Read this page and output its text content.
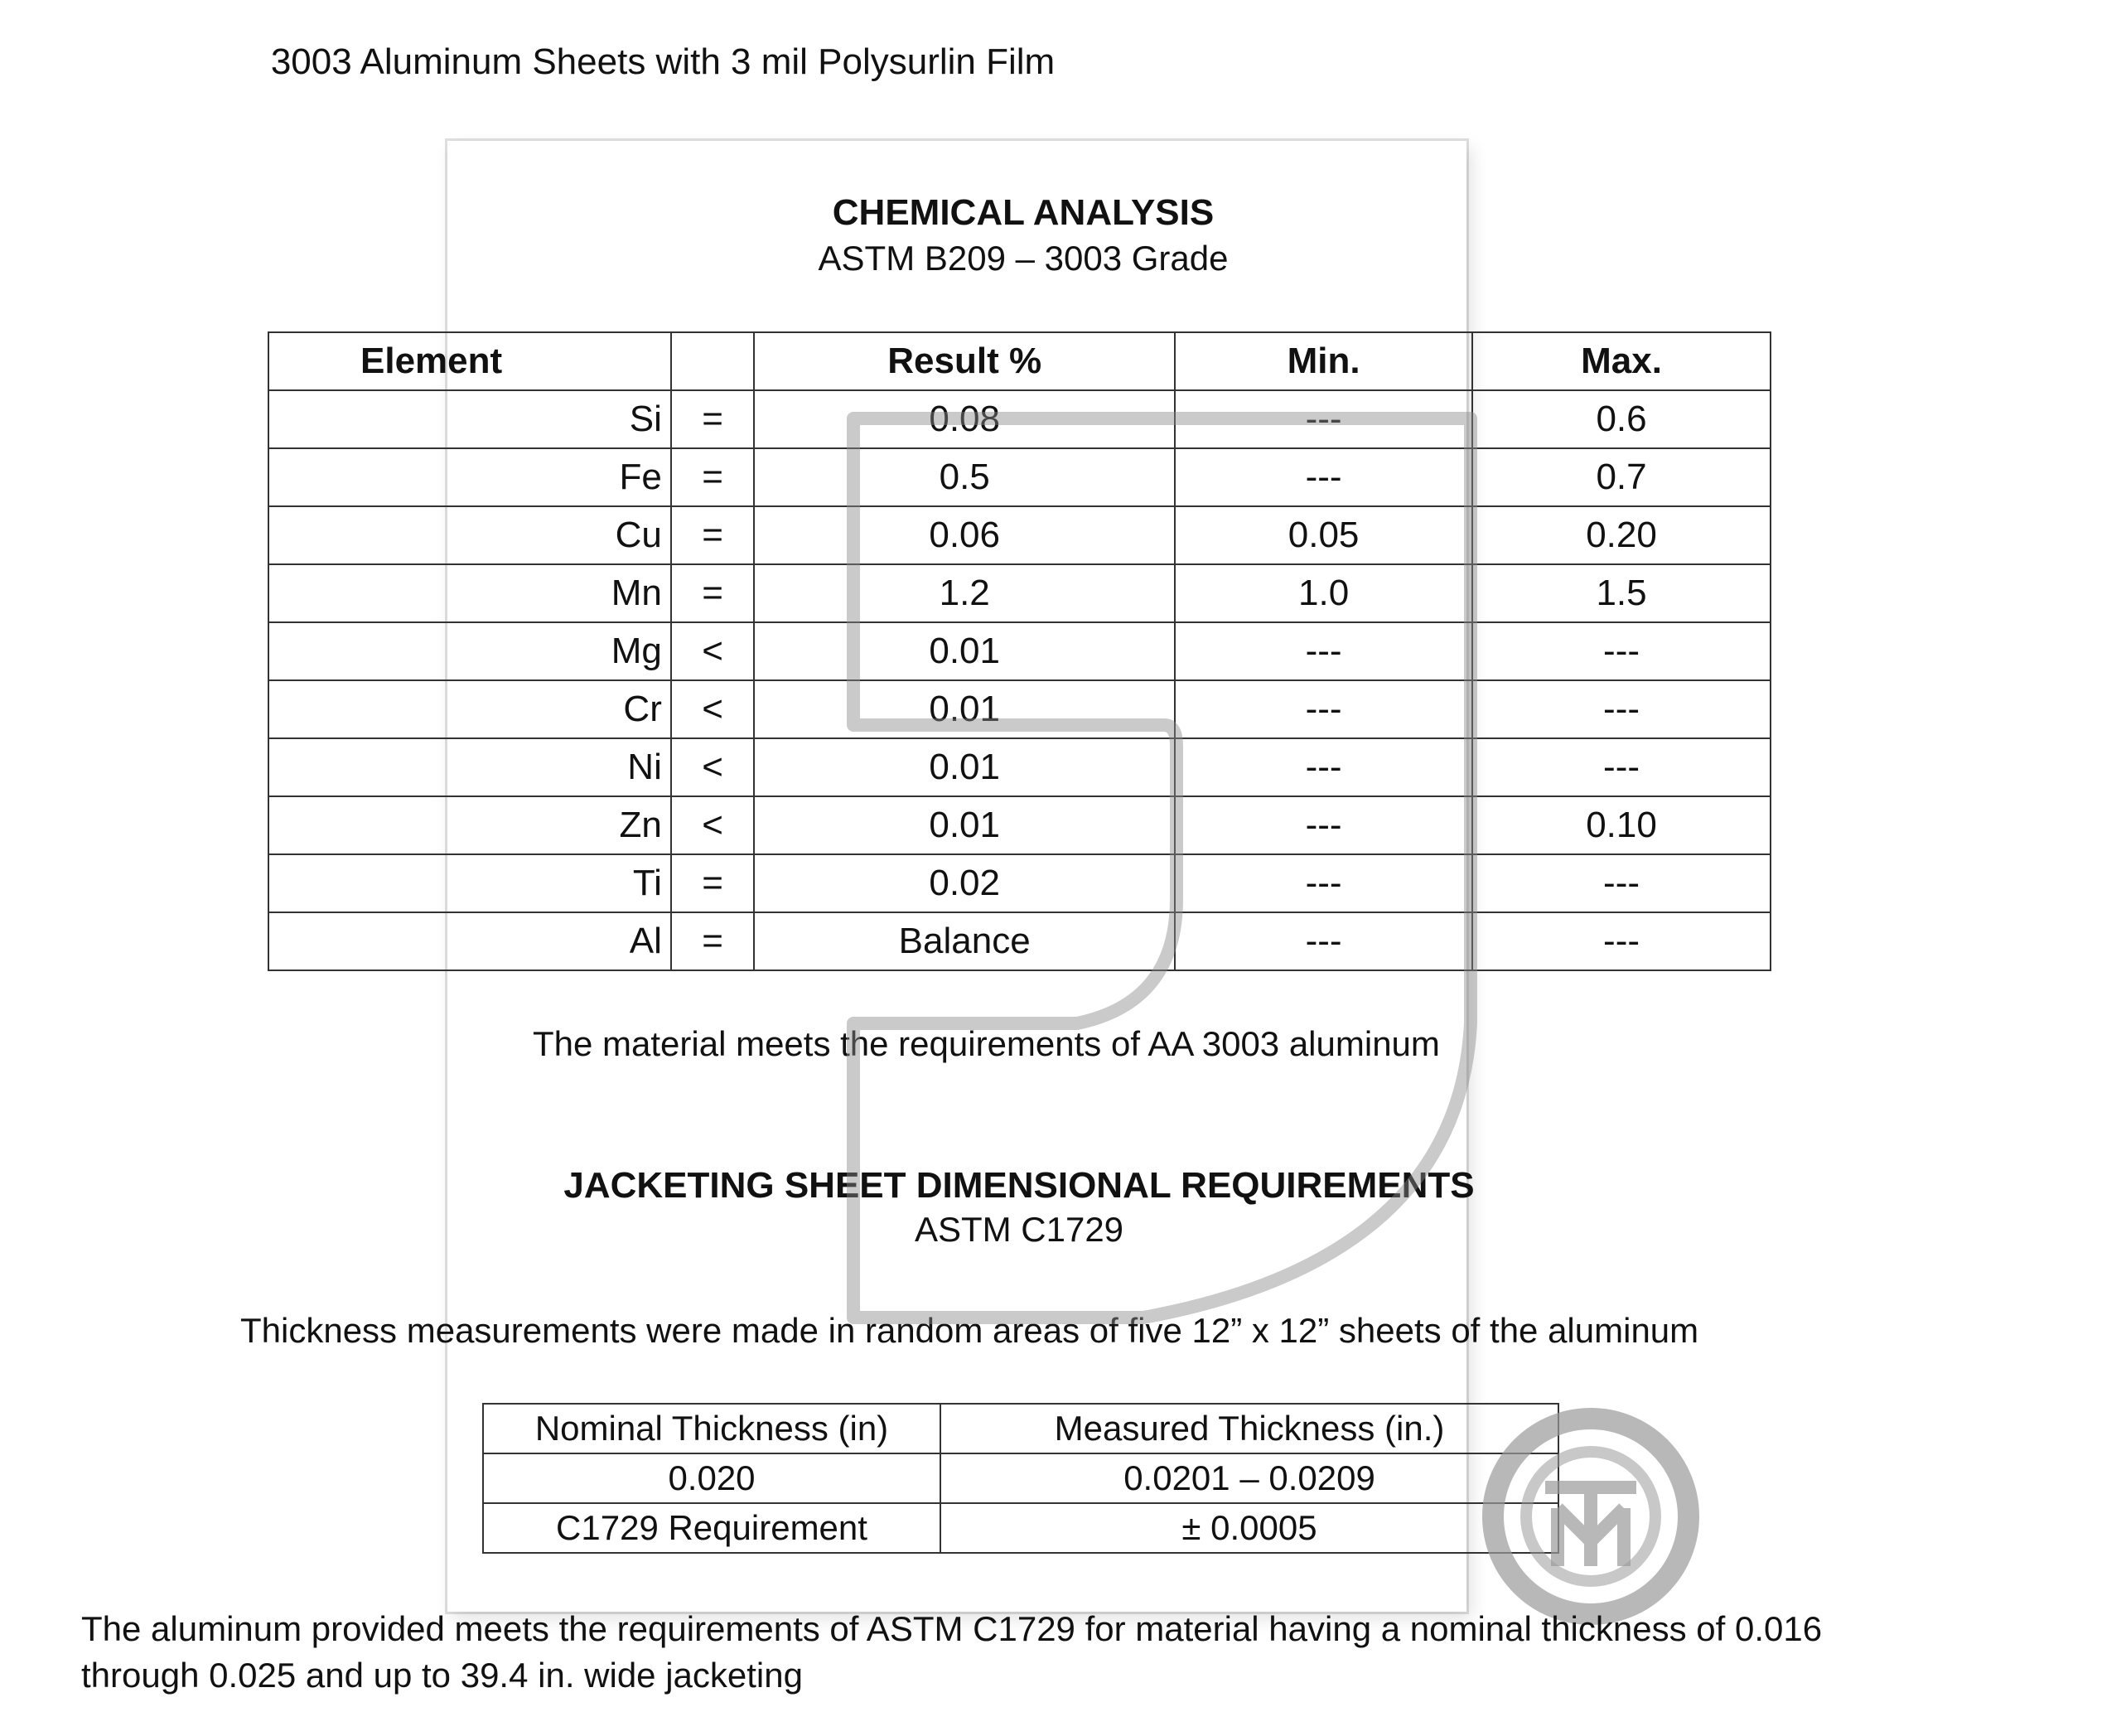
3003 Aluminum Sheets with 3 mil Polysurlin Film
CHEMICAL ANALYSIS
ASTM B209 – 3003 Grade
Element		Result %	Min.	Max.
Si	=	0.08	---	0.6
Fe	=	0.5	---	0.7
Cu	=	0.06	0.05	0.20
Mn	=	1.2	1.0	1.5
Mg	<	0.01	---	---
Cr	<	0.01	---	---
Ni	<	0.01	---	---
Zn	<	0.01	---	0.10
Ti	=	0.02	---	---
Al	=	Balance	---	---
The material meets the requirements of AA 3003 aluminum
JACKETING SHEET DIMENSIONAL REQUIREMENTS
ASTM C1729
Thickness measurements were made in random areas of five 12” x 12” sheets of the aluminum
Nominal Thickness (in)	Measured Thickness (in.)
0.020	0.0201 – 0.0209
C1729 Requirement	± 0.0005
The aluminum provided meets the requirements of ASTM C1729 for material having a nominal thickness of 0.016
through 0.025 and up to 39.4 in. wide jacketing
